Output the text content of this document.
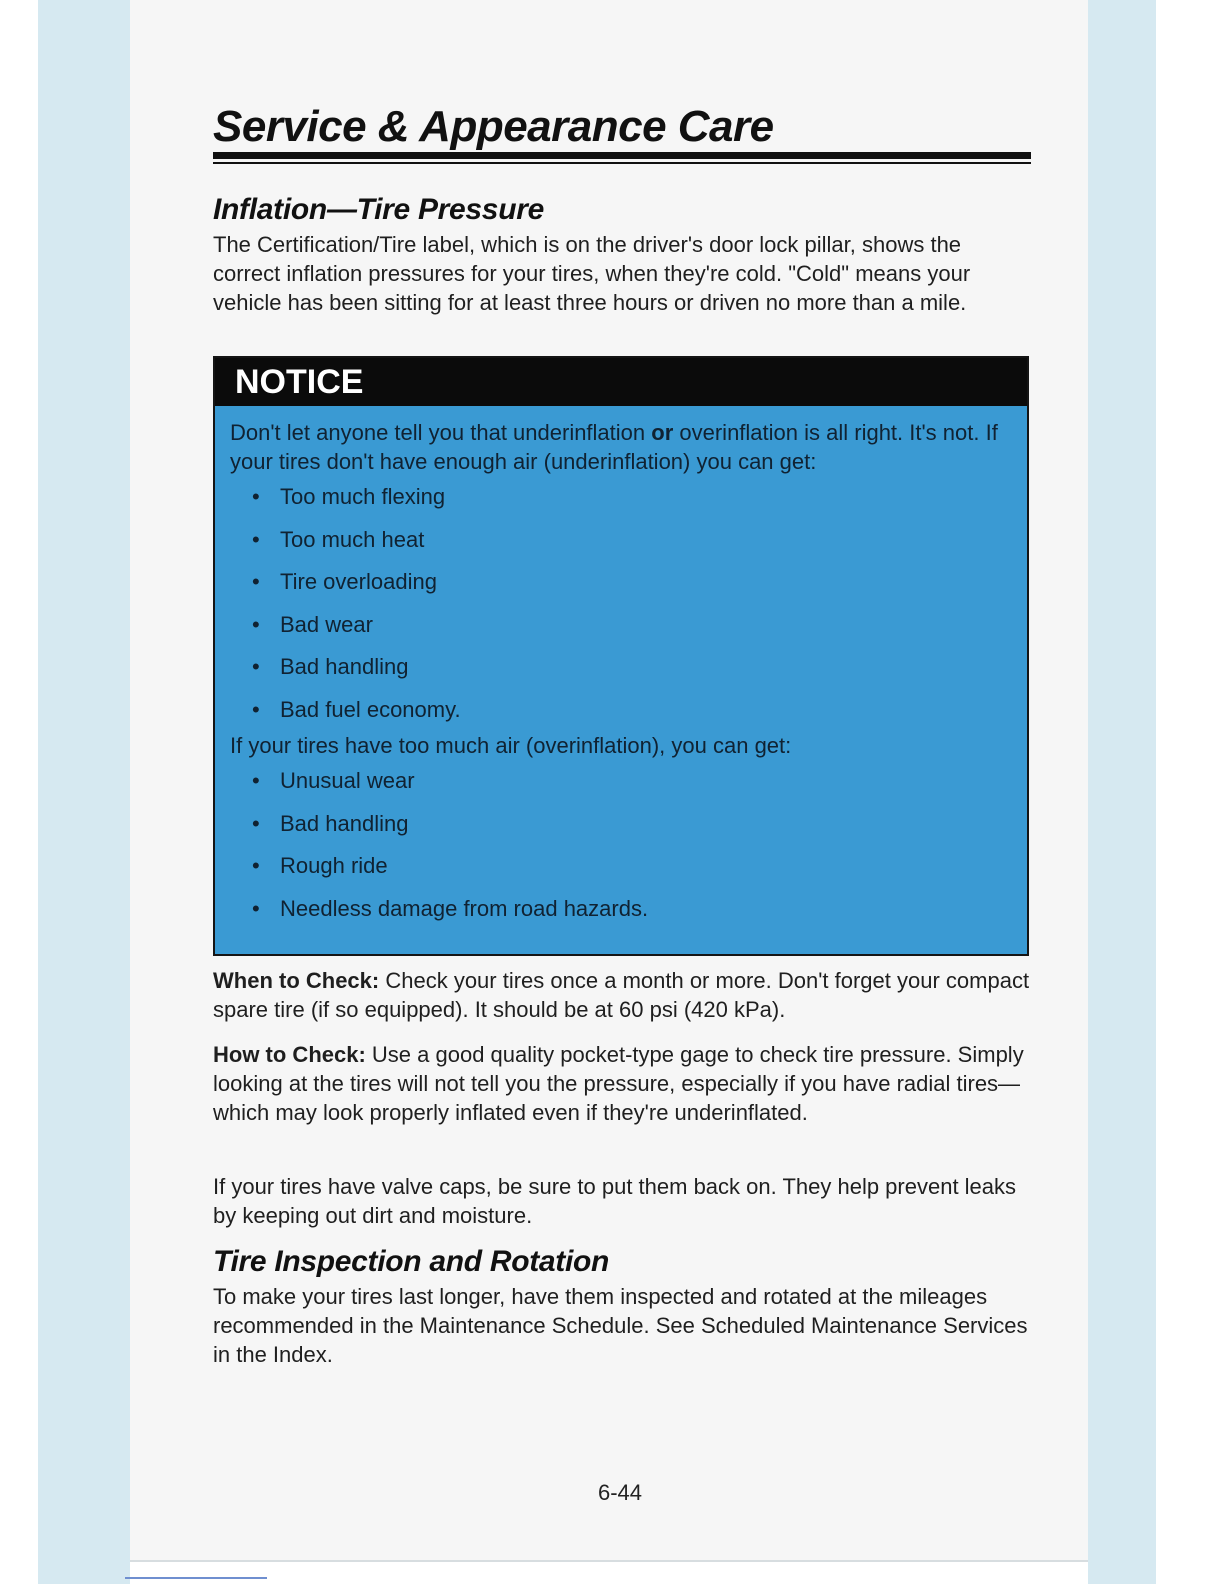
Service & Appearance Care
Inflation—Tire Pressure
The Certification/Tire label, which is on the driver's door lock pillar, shows the correct inflation pressures for your tires, when they're cold. "Cold" means your vehicle has been sitting for at least three hours or driven no more than a mile.
NOTICE

Don't let anyone tell you that underinflation or overinflation is all right. It's not. If your tires don't have enough air (underinflation) you can get:

• Too much flexing
• Too much heat
• Tire overloading
• Bad wear
• Bad handling
• Bad fuel economy.

If your tires have too much air (overinflation), you can get:

• Unusual wear
• Bad handling
• Rough ride
• Needless damage from road hazards.
When to Check: Check your tires once a month or more. Don't forget your compact spare tire (if so equipped). It should be at 60 psi (420 kPa).
How to Check: Use a good quality pocket-type gage to check tire pressure. Simply looking at the tires will not tell you the pressure, especially if you have radial tires—which may look properly inflated even if they're underinflated.
If your tires have valve caps, be sure to put them back on. They help prevent leaks by keeping out dirt and moisture.
Tire Inspection and Rotation
To make your tires last longer, have them inspected and rotated at the mileages recommended in the Maintenance Schedule. See Scheduled Maintenance Services in the Index.
6-44
